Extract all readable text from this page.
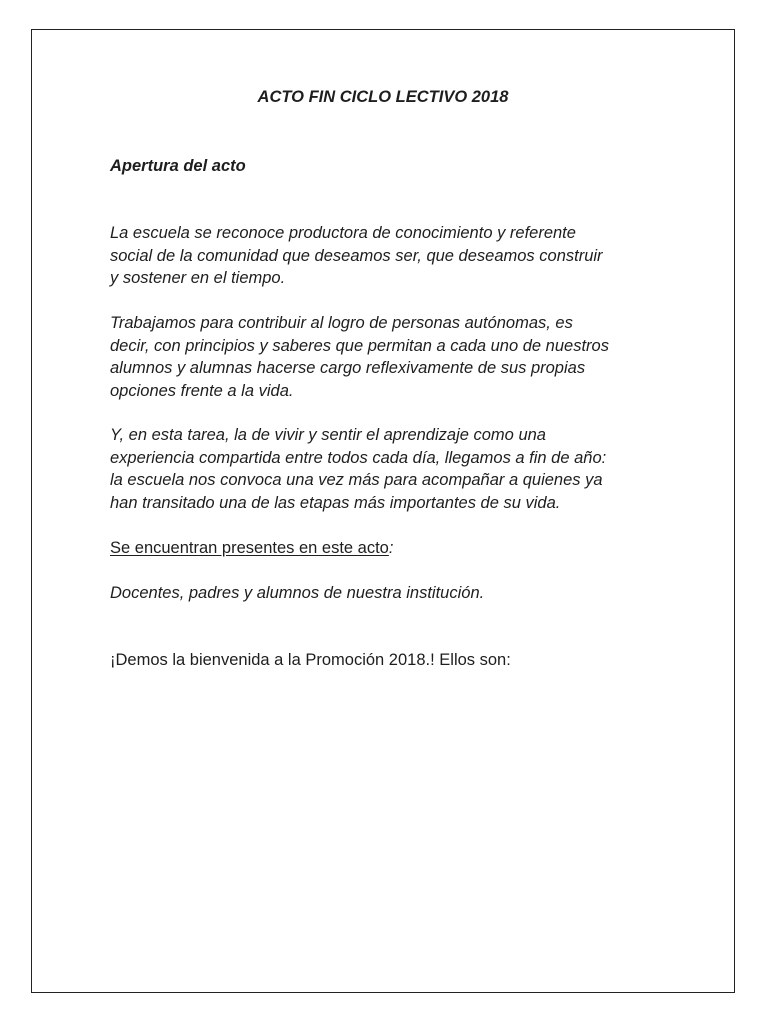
ACTO FIN CICLO LECTIVO 2018

Apertura del acto

La escuela se reconoce productora de conocimiento y referente
social de la comunidad que deseamos ser, que deseamos construir
y sostener en el tiempo.

Trabajamos para contribuir al logro de personas autónomas, es
decir, con principios y saberes que permitan a cada uno de nuestros
alumnos y alumnas hacerse cargo reflexivamente de sus propias
opciones frente a la vida.

Y, en esta tarea, la de vivir y sentir el aprendizaje como una
experiencia compartida entre todos cada día, llegamos a fin de año:
la escuela nos convoca una vez más para acompañar a quienes ya
han transitado una de las etapas más importantes de su vida.

Se encuentran presentes en este acto:

Docentes, padres y alumnos de nuestra institución.

¡Demos la bienvenida a la Promoción 2018.! Ellos son:
